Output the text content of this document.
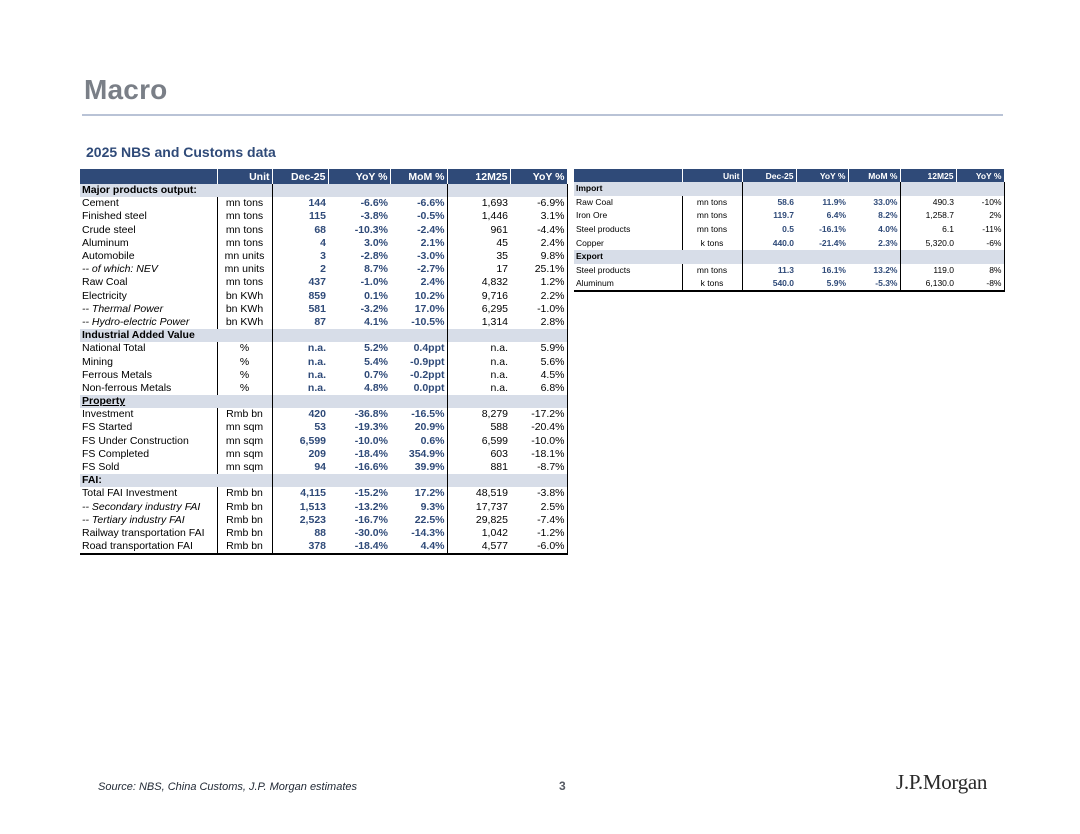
Macro
2025 NBS and Customs data
	Unit	Dec-25	YoY %	MoM %	12M25	YoY %
Major products output:						
Cement	mn tons	144	-6.6%	-6.6%	1,693	-6.9%
Finished steel	mn tons	115	-3.8%	-0.5%	1,446	3.1%
Crude steel	mn tons	68	-10.3%	-2.4%	961	-4.4%
Aluminum	mn tons	4	3.0%	2.1%	45	2.4%
Automobile	mn units	3	-2.8%	-3.0%	35	9.8%
-- of which: NEV	mn units	2	8.7%	-2.7%	17	25.1%
Raw Coal	mn tons	437	-1.0%	2.4%	4,832	1.2%
Electricity	bn KWh	859	0.1%	10.2%	9,716	2.2%
-- Thermal Power	bn KWh	581	-3.2%	17.0%	6,295	-1.0%
-- Hydro-electric Power	bn KWh	87	4.1%	-10.5%	1,314	2.8%
Industrial Added Value						
National Total	%	n.a.	5.2%	0.4ppt	n.a.	5.9%
Mining	%	n.a.	5.4%	-0.9ppt	n.a.	5.6%
Ferrous Metals	%	n.a.	0.7%	-0.2ppt	n.a.	4.5%
Non-ferrous Metals	%	n.a.	4.8%	0.0ppt	n.a.	6.8%
Property						
Investment	Rmb bn	420	-36.8%	-16.5%	8,279	-17.2%
FS Started	mn sqm	53	-19.3%	20.9%	588	-20.4%
FS Under Construction	mn sqm	6,599	-10.0%	0.6%	6,599	-10.0%
FS Completed	mn sqm	209	-18.4%	354.9%	603	-18.1%
FS Sold	mn sqm	94	-16.6%	39.9%	881	-8.7%
FAI:						
Total FAI Investment	Rmb bn	4,115	-15.2%	17.2%	48,519	-3.8%
-- Secondary industry FAI	Rmb bn	1,513	-13.2%	9.3%	17,737	2.5%
-- Tertiary industry FAI	Rmb bn	2,523	-16.7%	22.5%	29,825	-7.4%
Railway transportation FAI	Rmb bn	88	-30.0%	-14.3%	1,042	-1.2%
Road transportation FAI	Rmb bn	378	-18.4%	4.4%	4,577	-6.0%
	Unit	Dec-25	YoY %	MoM %	12M25	YoY %
Import						
Raw Coal	mn tons	58.6	11.9%	33.0%	490.3	-10%
Iron Ore	mn tons	119.7	6.4%	8.2%	1,258.7	2%
Steel products	mn tons	0.5	-16.1%	4.0%	6.1	-11%
Copper	k tons	440.0	-21.4%	2.3%	5,320.0	-6%
Export						
Steel products	mn tons	11.3	16.1%	13.2%	119.0	8%
Aluminum	k tons	540.0	5.9%	-5.3%	6,130.0	-8%
Source: NBS, China Customs, J.P. Morgan estimates	3	J.P.Morgan
